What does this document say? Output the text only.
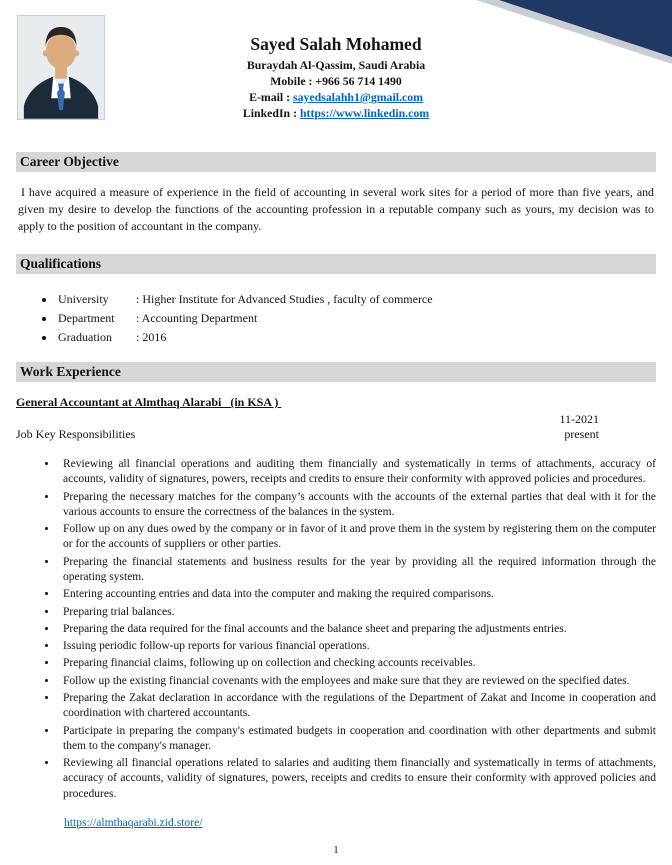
Sayed Salah Mohamed
Buraydah Al-Qassim, Saudi Arabia
Mobile : +966 56 714 1490
E-mail : sayedsalahh1@gmail.com
LinkedIn : https://www.linkedin.com
Career Objective

I have acquired a measure of experience in the field of accounting in several work sites for a period of more than five years, and given my desire to develop the functions of the accounting profession in a reputable company such as yours, my decision was to apply to the position of accountant in the company.

Qualifications
• University : Higher Institute for Advanced Studies , faculty of commerce
• Department : Accounting Department
• Graduation : 2016
Work Experience
General Accountant at Almthaq Alarabi   (in KSA )
11-2021
Job Key Responsibilities	present
• Reviewing all financial operations and auditing them financially and systematically in terms of attachments, accuracy of accounts, validity of signatures, powers, receipts and credits to ensure their conformity with approved policies and procedures.
• Preparing the necessary matches for the company’s accounts with the accounts of the external parties that deal with it for the various accounts to ensure the correctness of the balances in the system.
• Follow up on any dues owed by the company or in favor of it and prove them in the system by registering them on the computer or for the accounts of suppliers or other parties.
• Preparing the financial statements and business results for the year by providing all the required information through the operating system.
• Entering accounting entries and data into the computer and making the required comparisons.
• Preparing trial balances.
• Preparing the data required for the final accounts and the balance sheet and preparing the adjustments entries.
• Issuing periodic follow-up reports for various financial operations.
• Preparing financial claims, following up on collection and checking accounts receivables.
• Follow up the existing financial covenants with the employees and make sure that they are reviewed on the specified dates.
• Preparing the Zakat declaration in accordance with the regulations of the Department of Zakat and Income in cooperation and coordination with chartered accountants.
• Participate in preparing the company's estimated budgets in cooperation and coordination with other departments and submit them to the company's manager.
• Reviewing all financial operations related to salaries and auditing them financially and systematically in terms of attachments, accuracy of accounts, validity of signatures, powers, receipts and credits to ensure their conformity with approved policies and procedures.
https://almthaqarabi.zid.store/
1
